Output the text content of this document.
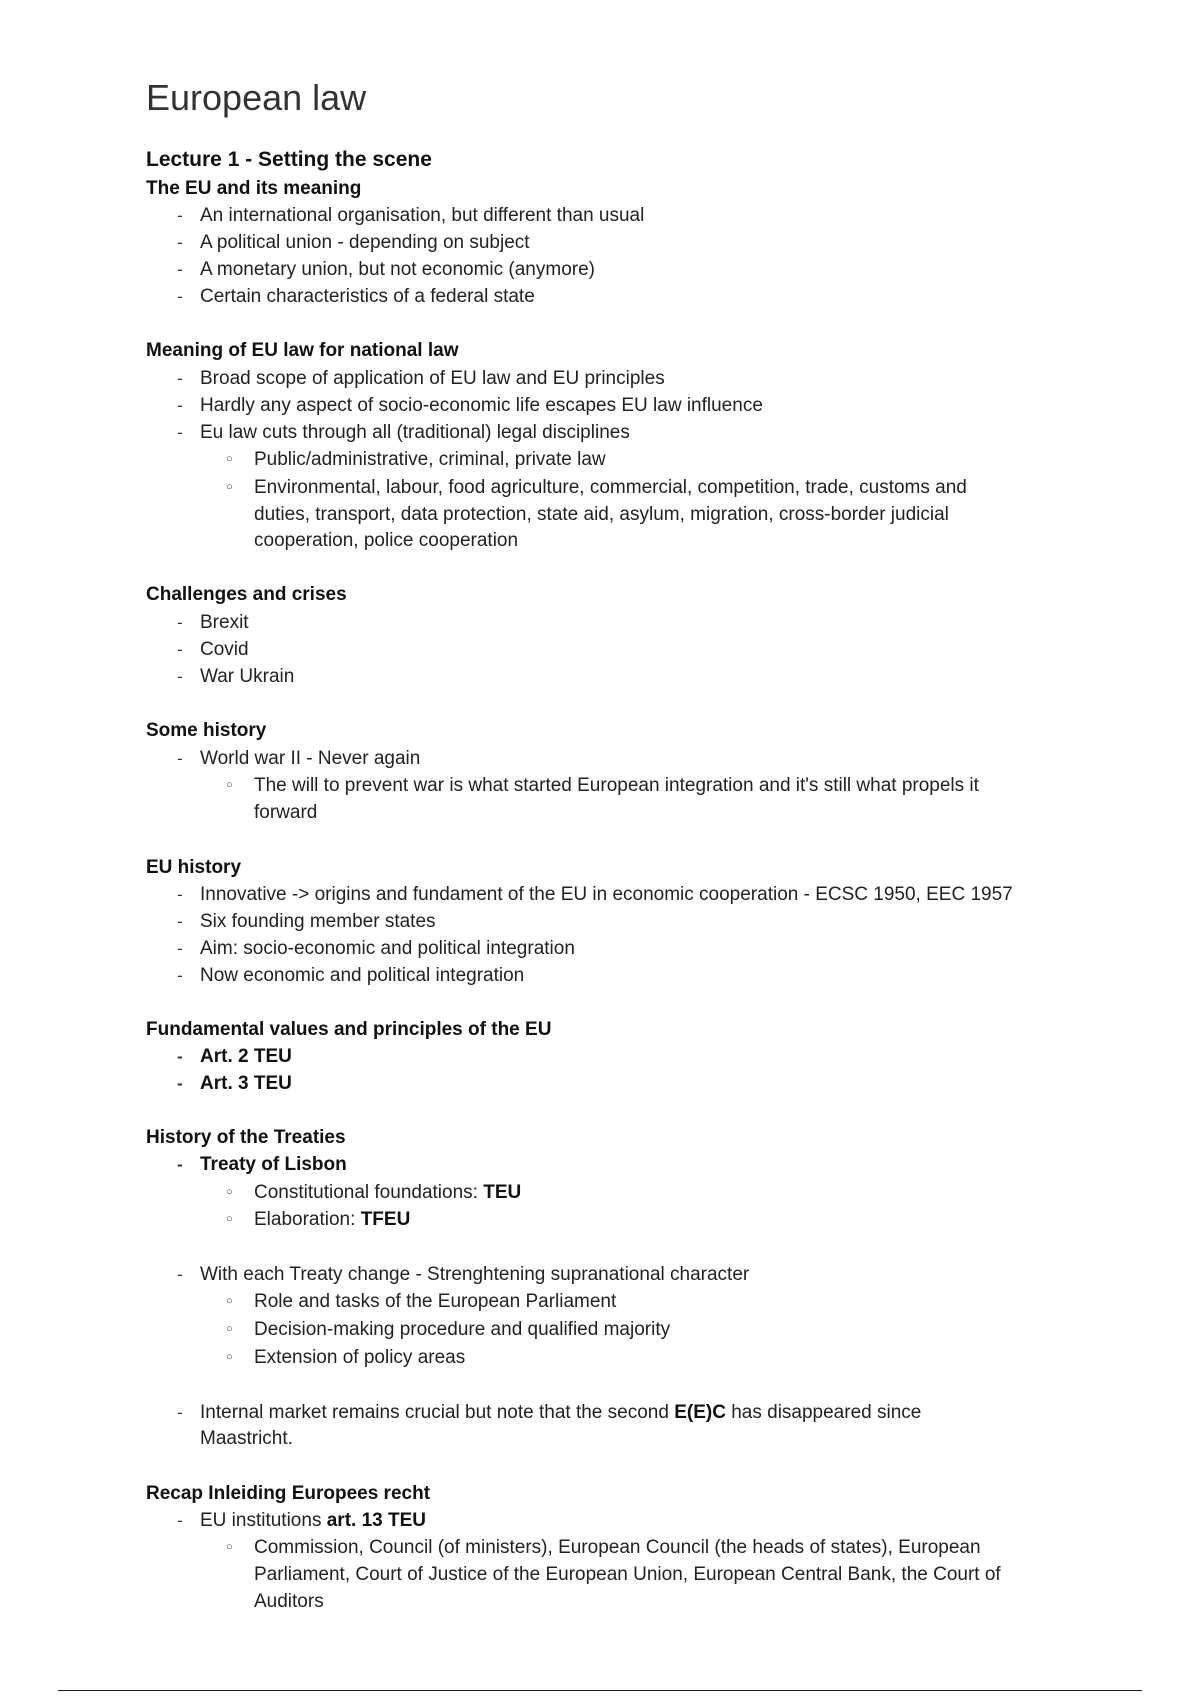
European law
Lecture 1 - Setting the scene
The EU and its meaning
- An international organisation, but different than usual
- A political union - depending on subject
- A monetary union, but not economic (anymore)
- Certain characteristics of a federal state
Meaning of EU law for national law
- Broad scope of application of EU law and EU principles
- Hardly any aspect of socio-economic life escapes EU law influence
- Eu law cuts through all (traditional) legal disciplines
○ Public/administrative, criminal, private law
○ Environmental, labour, food agriculture, commercial, competition, trade, customs and
duties, transport, data protection, state aid, asylum, migration, cross-border judicial
cooperation, police cooperation
Challenges and crises
- Brexit
- Covid
- War Ukrain
Some history
- World war II - Never again
○ The will to prevent war is what started European integration and it's still what propels it
forward
EU history
- Innovative -> origins and fundament of the EU in economic cooperation - ECSC 1950, EEC 1957
- Six founding member states
- Aim: socio-economic and political integration
- Now economic and political integration
Fundamental values and principles of the EU
- Art. 2 TEU
- Art. 3 TEU
History of the Treaties
- Treaty of Lisbon
○ Constitutional foundations: TEU
○ Elaboration: TFEU
- With each Treaty change - Strenghtening supranational character
○ Role and tasks of the European Parliament
○ Decision-making procedure and qualified majority
○ Extension of policy areas
- Internal market remains crucial but note that the second E(E)C has disappeared since
Maastricht.
Recap Inleiding Europees recht
- EU institutions art. 13 TEU
○ Commission, Council (of ministers), European Council (the heads of states), European
Parliament, Court of Justice of the European Union, European Central Bank, the Court of
Auditors
